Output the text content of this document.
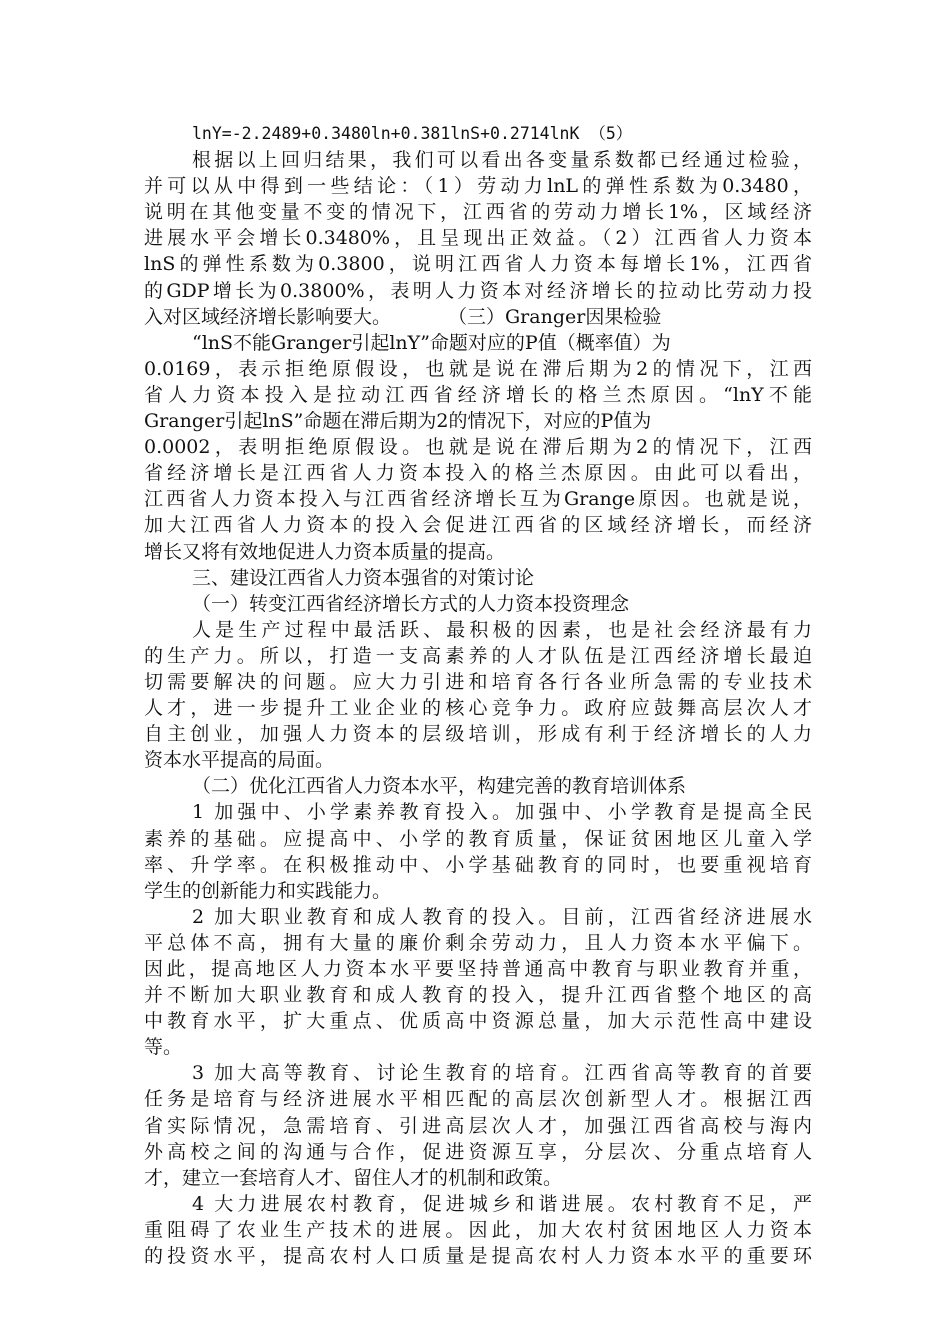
lnY=-2.2489+0.3480ln+0.381lnS+0.2714lnK （5）
根据以上回归结果，我们可以看出各变量系数都已经通过检验，
并可以从中得到一些结论：（1）劳动力lnL的弹性系数为0.3480，
说明在其他变量不变的情况下，江西省的劳动力增长1%，区域经济
进展水平会增长0.3480%，且呈现出正效益。（2）江西省人力资本
lnS的弹性系数为0.3800，说明江西省人力资本每增长1%，江西省
的GDP增长为0.3800%，表明人力资本对经济增长的拉动比劳动力投
入对区域经济增长影响要大。　　　　（三）Granger因果检验
“lnS不能Granger引起lnY”命题对应的P值（概率值）为
0.0169，表示拒绝原假设，也就是说在滞后期为2的情况下，江西
省人力资本投入是拉动江西省经济增长的格兰杰原因。“lnY不能
Granger引起lnS”命题在滞后期为2的情况下，对应的P值为
0.0002，表明拒绝原假设。也就是说在滞后期为2的情况下，江西
省经济增长是江西省人力资本投入的格兰杰原因。由此可以看出，
江西省人力资本投入与江西省经济增长互为Grange原因。也就是说，
加大江西省人力资本的投入会促进江西省的区域经济增长，而经济
增长又将有效地促进人力资本质量的提高。
三、建设江西省人力资本强省的对策讨论
（一）转变江西省经济增长方式的人力资本投资理念
人是生产过程中最活跃、最积极的因素，也是社会经济最有力
的生产力。所以，打造一支高素养的人才队伍是江西经济增长最迫
切需要解决的问题。应大力引进和培育各行各业所急需的专业技术
人才，进一步提升工业企业的核心竞争力。政府应鼓舞高层次人才
自主创业，加强人力资本的层级培训，形成有利于经济增长的人力
资本水平提高的局面。
（二）优化江西省人力资本水平，构建完善的教育培训体系
1 加强中、小学素养教育投入。加强中、小学教育是提高全民
素养的基础。应提高中、小学的教育质量，保证贫困地区儿童入学
率、升学率。在积极推动中、小学基础教育的同时，也要重视培育
学生的创新能力和实践能力。
2 加大职业教育和成人教育的投入。目前，江西省经济进展水
平总体不高，拥有大量的廉价剩余劳动力，且人力资本水平偏下。
因此，提高地区人力资本水平要坚持普通高中教育与职业教育并重，
并不断加大职业教育和成人教育的投入，提升江西省整个地区的高
中教育水平，扩大重点、优质高中资源总量，加大示范性高中建设
等。
3 加大高等教育、讨论生教育的培育。江西省高等教育的首要
任务是培育与经济进展水平相匹配的高层次创新型人才。根据江西
省实际情况，急需培育、引进高层次人才，加强江西省高校与海内
外高校之间的沟通与合作，促进资源互享，分层次、分重点培育人
才，建立一套培育人才、留住人才的机制和政策。
4 大力进展农村教育，促进城乡和谐进展。农村教育不足，严
重阻碍了农业生产技术的进展。因此，加大农村贫困地区人力资本
的投资水平，提高农村人口质量是提高农村人力资本水平的重要环
